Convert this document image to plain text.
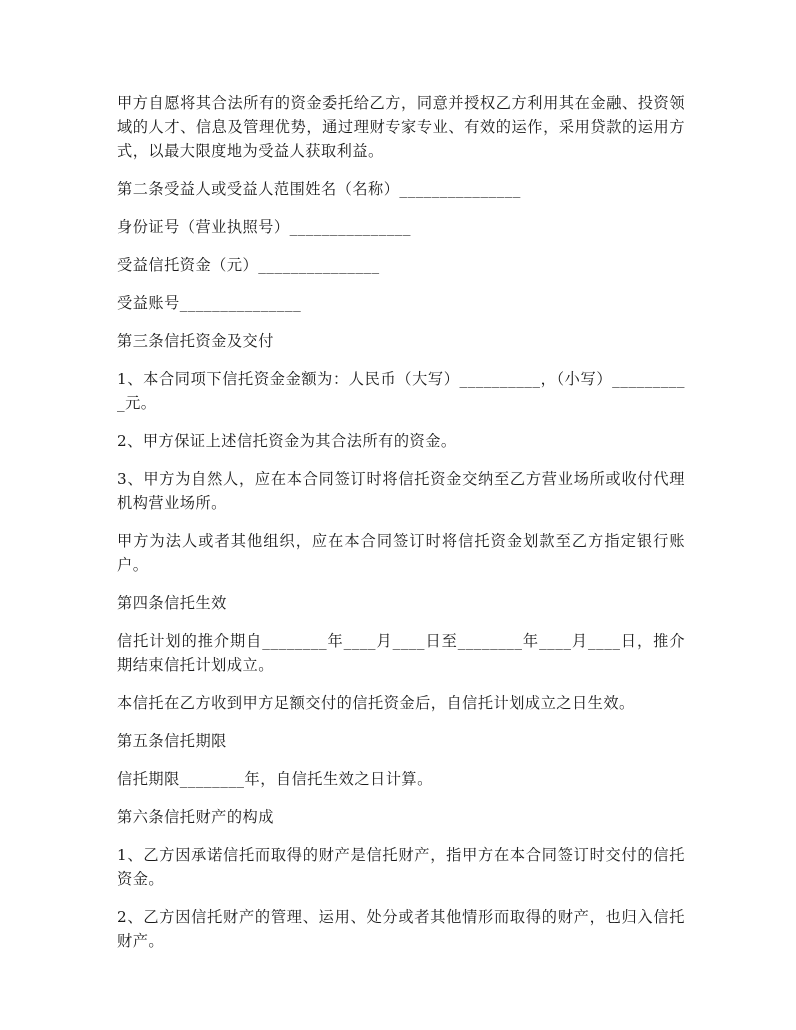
甲方自愿将其合法所有的资金委托给乙方，同意并授权乙方利用其在金融、投资领域的人才、信息及管理优势，通过理财专家专业、有效的运作，采用贷款的运用方式，以最大限度地为受益人获取利益。

第二条受益人或受益人范围姓名（名称）_______________

身份证号（营业执照号）_______________

受益信托资金（元）_______________

受益账号_______________

第三条信托资金及交付

1、本合同项下信托资金金额为：人民币（大写）__________，（小写）__________元。

2、甲方保证上述信托资金为其合法所有的资金。

3、甲方为自然人，应在本合同签订时将信托资金交纳至乙方营业场所或收付代理机构营业场所。

甲方为法人或者其他组织，应在本合同签订时将信托资金划款至乙方指定银行账户。

第四条信托生效

信托计划的推介期自________年____月____日至________年____月____日，推介期结束信托计划成立。

本信托在乙方收到甲方足额交付的信托资金后，自信托计划成立之日生效。

第五条信托期限

信托期限________年，自信托生效之日计算。

第六条信托财产的构成

1、乙方因承诺信托而取得的财产是信托财产，指甲方在本合同签订时交付的信托资金。

2、乙方因信托财产的管理、运用、处分或者其他情形而取得的财产，也归入信托财产。
